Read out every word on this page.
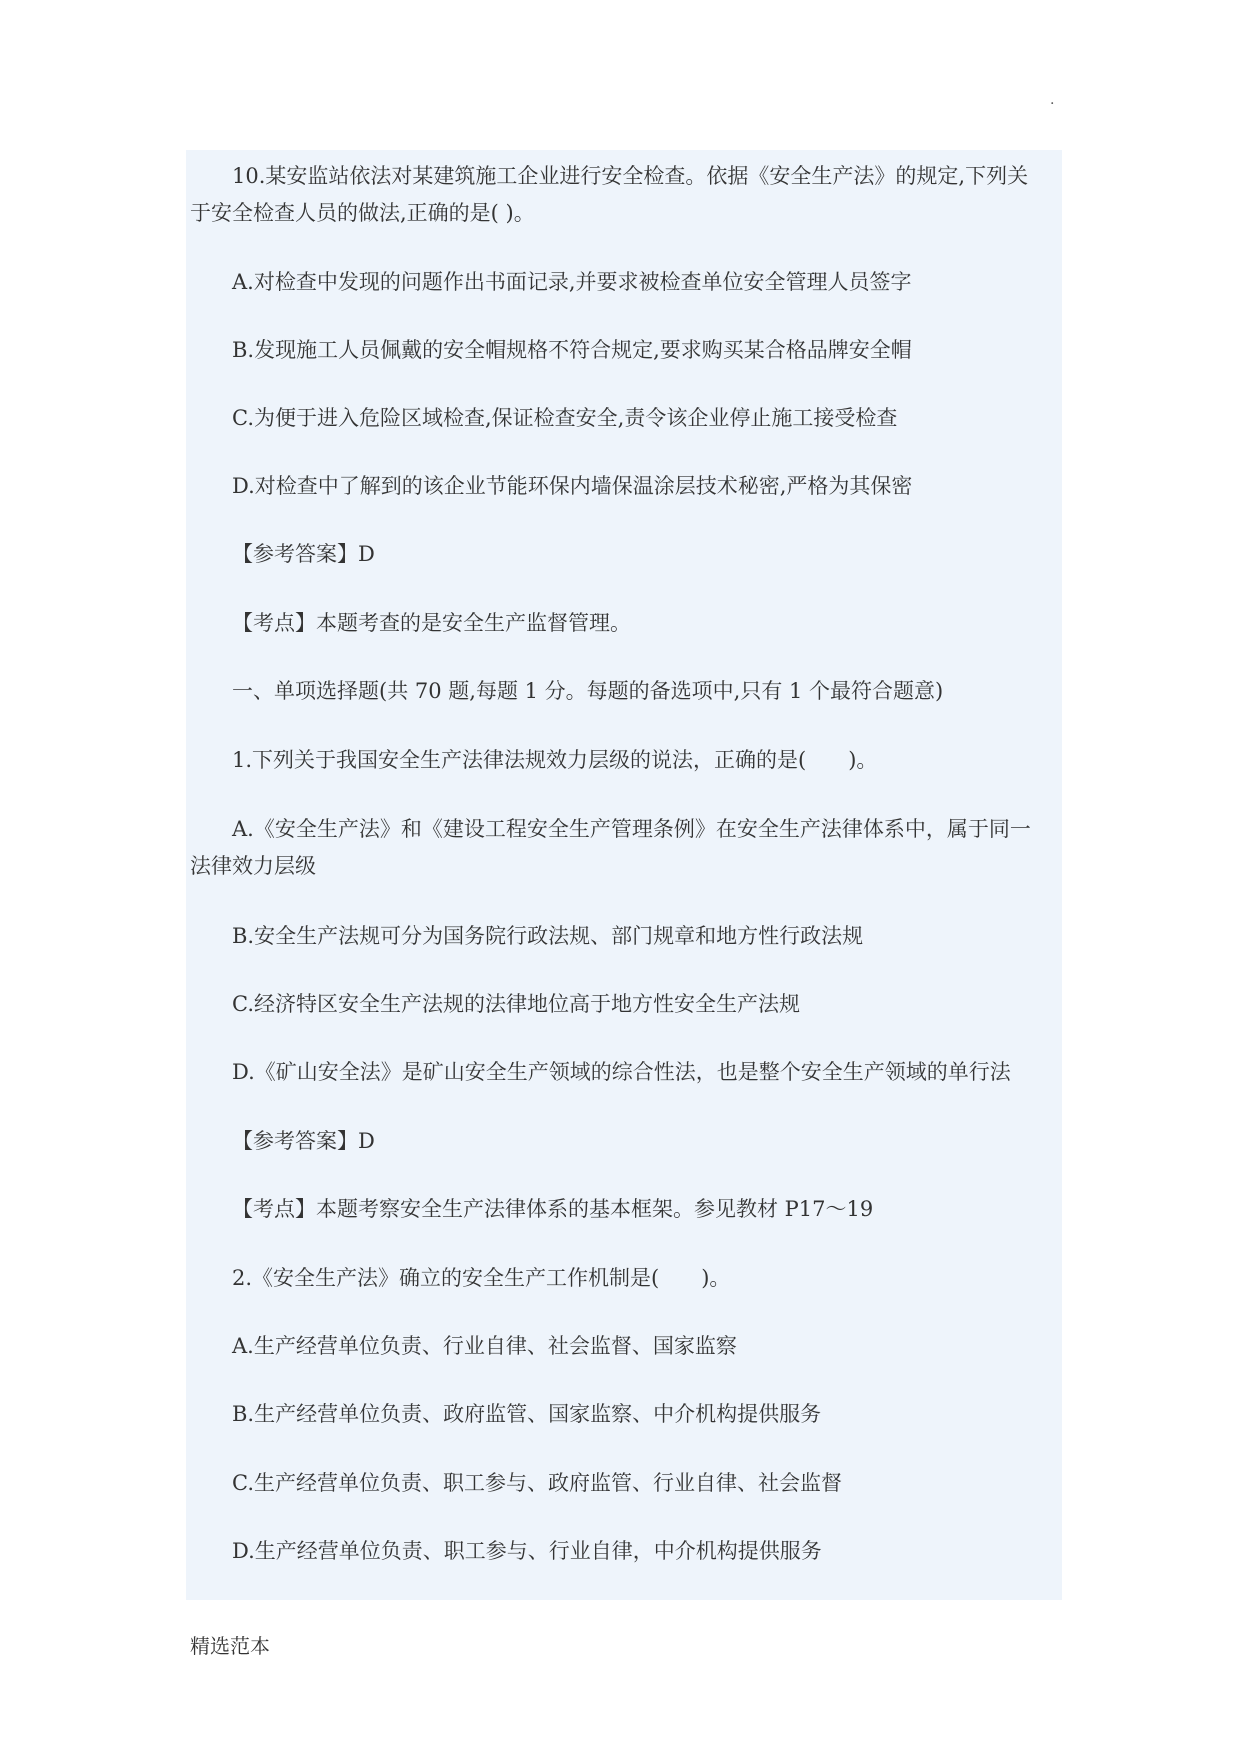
.
10.某安监站依法对某建筑施工企业进行安全检查。依据《安全生产法》的规定,下列关
于安全检查人员的做法,正确的是( )。
A.对检查中发现的问题作出书面记录,并要求被检查单位安全管理人员签字
B.发现施工人员佩戴的安全帽规格不符合规定,要求购买某合格品牌安全帽
C.为便于进入危险区域检查,保证检查安全,责令该企业停止施工接受检查
D.对检查中了解到的该企业节能环保内墙保温涂层技术秘密,严格为其保密
【参考答案】D
【考点】本题考查的是安全生产监督管理。
一、单项选择题(共 70 题,每题 1 分。每题的备选项中,只有 1 个最符合题意)
1.下列关于我国安全生产法律法规效力层级的说法，正确的是(　　)。
A.《安全生产法》和《建设工程安全生产管理条例》在安全生产法律体系中，属于同一
法律效力层级
B.安全生产法规可分为国务院行政法规、部门规章和地方性行政法规
C.经济特区安全生产法规的法律地位高于地方性安全生产法规
D.《矿山安全法》是矿山安全生产领域的综合性法，也是整个安全生产领域的单行法
【参考答案】D
【考点】本题考察安全生产法律体系的基本框架。参见教材 P17～19
2.《安全生产法》确立的安全生产工作机制是(　　)。
A.生产经营单位负责、行业自律、社会监督、国家监察
B.生产经营单位负责、政府监管、国家监察、中介机构提供服务
C.生产经营单位负责、职工参与、政府监管、行业自律、社会监督
D.生产经营单位负责、职工参与、行业自律，中介机构提供服务
精选范本
